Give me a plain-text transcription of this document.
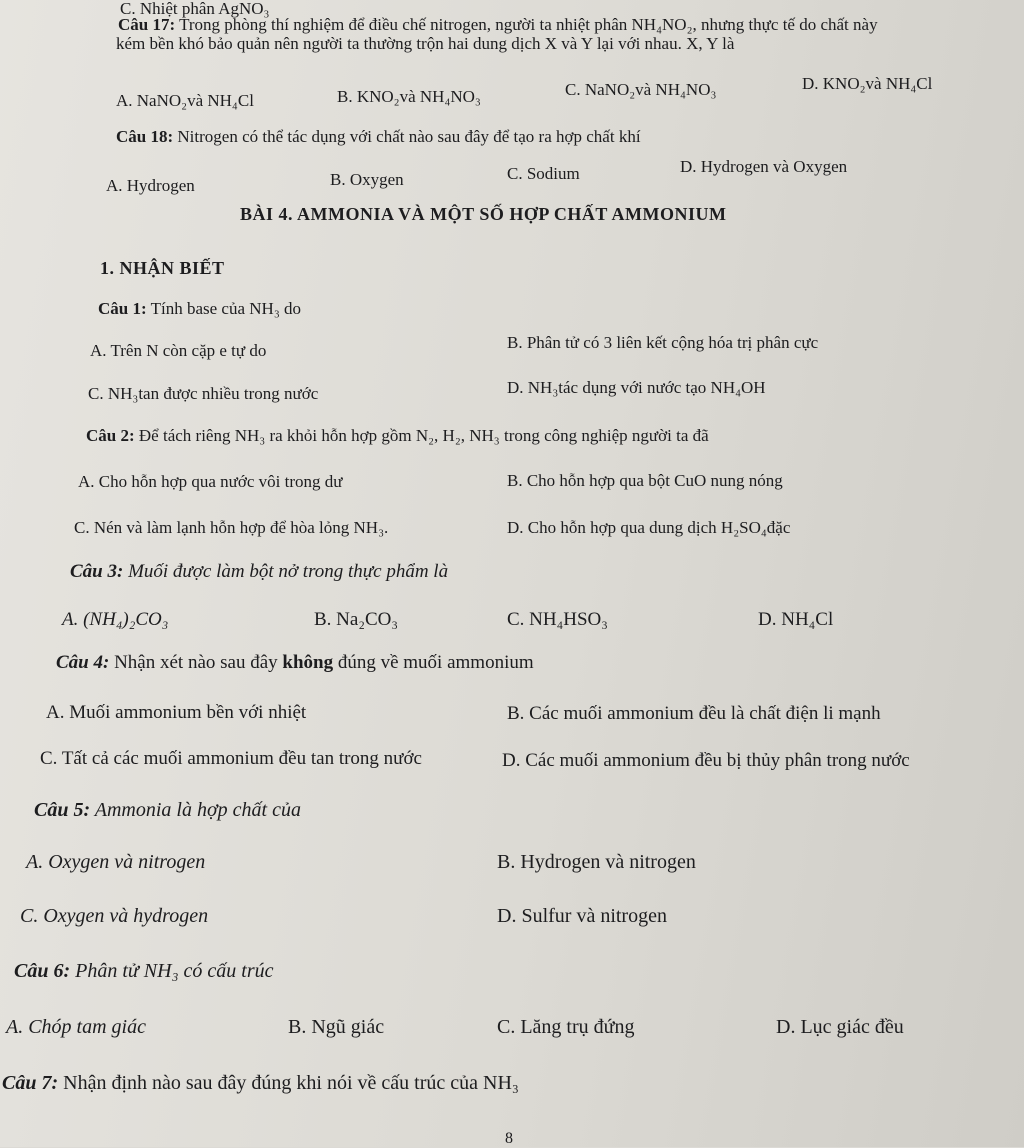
C. Nhiệt phân AgNO₃
Câu 17: Trong phòng thí nghiệm để điều chế nitrogen, người ta nhiệt phân NH₄NO₂, nhưng thực tế do chất này
kém bền khó bảo quản nên người ta thường trộn hai dung dịch X và Y lại với nhau. X, Y là
A. NaNO₂và NH₄Cl	B. KNO₂và NH₄NO₃	C. NaNO₂và NH₄NO₃	D. KNO₂và NH₄Cl
Câu 18: Nitrogen có thể tác dụng với chất nào sau đây để tạo ra hợp chất khí
A. Hydrogen	B. Oxygen	C. Sodium	D. Hydrogen và Oxygen
BÀI 4. AMMONIA VÀ MỘT SỐ HỢP CHẤT AMMONIUM
1. NHẬN BIẾT
Câu 1: Tính base của NH₃ do
A. Trên N còn cặp e tự do	B. Phân tử có 3 liên kết cộng hóa trị phân cực
C. NH₃tan được nhiều trong nước	D. NH₃tác dụng với nước tạo NH₄OH
Câu 2: Để tách riêng NH₃ ra khỏi hỗn hợp gồm N₂, H₂, NH₃ trong công nghiệp người ta đã
A. Cho hỗn hợp qua nước vôi trong dư	B. Cho hỗn hợp qua bột CuO nung nóng
C. Nén và làm lạnh hỗn hợp để hòa lỏng NH₃.	D. Cho hỗn hợp qua dung dịch H₂SO₄đặc
Câu 3: Muối được làm bột nở trong thực phẩm là
A. (NH₄)₂CO₃	B. Na₂CO₃	C. NH₄HSO₃	D. NH₄Cl
Câu 4: Nhận xét nào sau đây không đúng về muối ammonium
A. Muối ammonium bền với nhiệt	B. Các muối ammonium đều là chất điện li mạnh
C. Tất cả các muối ammonium đều tan trong nước	D. Các muối ammonium đều bị thủy phân trong nước
Câu 5: Ammonia là hợp chất của
A. Oxygen và nitrogen	B. Hydrogen và nitrogen
C. Oxygen và hydrogen	D. Sulfur và nitrogen
Câu 6: Phân tử NH₃ có cấu trúc
A. Chóp tam giác	B. Ngũ giác	C. Lăng trụ đứng	D. Lục giác đều
Câu 7: Nhận định nào sau đây đúng khi nói về cấu trúc của NH₃
8
